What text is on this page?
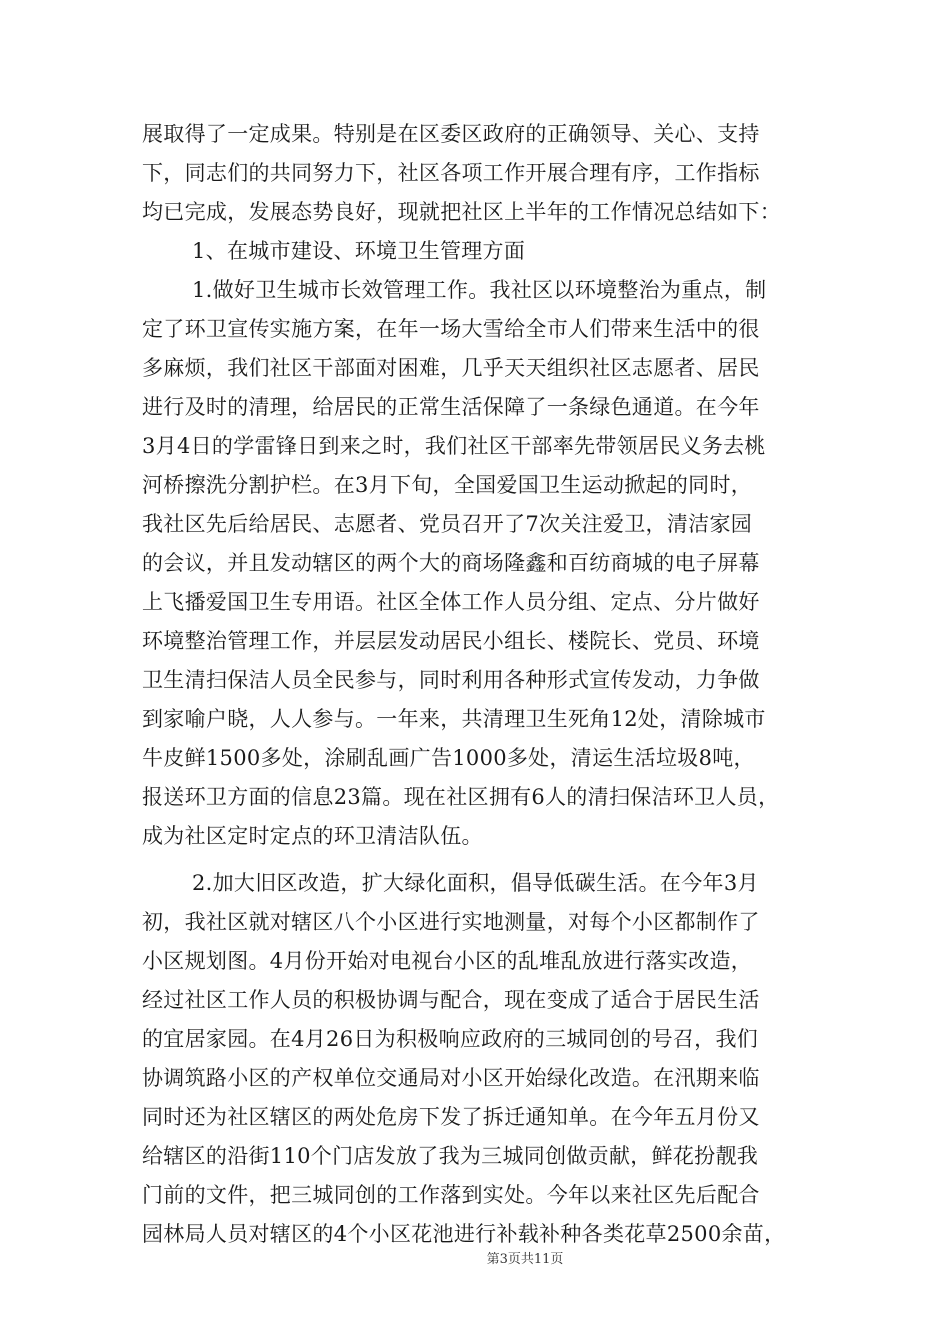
展取得了一定成果。特别是在区委区政府的正确领导、关心、支持
下，同志们的共同努力下，社区各项工作开展合理有序，工作指标
均已完成，发展态势良好，现就把社区上半年的工作情况总结如下：
1、在城市建设、环境卫生管理方面
1.做好卫生城市长效管理工作。我社区以环境整治为重点，制
定了环卫宣传实施方案，在年一场大雪给全市人们带来生活中的很
多麻烦，我们社区干部面对困难，几乎天天组织社区志愿者、居民
进行及时的清理，给居民的正常生活保障了一条绿色通道。在今年
3月4日的学雷锋日到来之时，我们社区干部率先带领居民义务去桃
河桥擦洗分割护栏。在3月下旬，全国爱国卫生运动掀起的同时，
我社区先后给居民、志愿者、党员召开了7次关注爱卫，清洁家园
的会议，并且发动辖区的两个大的商场隆鑫和百纺商城的电子屏幕
上飞播爱国卫生专用语。社区全体工作人员分组、定点、分片做好
环境整治管理工作，并层层发动居民小组长、楼院长、党员、环境
卫生清扫保洁人员全民参与，同时利用各种形式宣传发动，力争做
到家喻户晓，人人参与。一年来，共清理卫生死角12处，清除城市
牛皮鲜1500多处，涂刷乱画广告1000多处，清运生活垃圾8吨，
报送环卫方面的信息23篇。现在社区拥有6人的清扫保洁环卫人员，
成为社区定时定点的环卫清洁队伍。
2.加大旧区改造，扩大绿化面积，倡导低碳生活。在今年3月
初，我社区就对辖区八个小区进行实地测量，对每个小区都制作了
小区规划图。4月份开始对电视台小区的乱堆乱放进行落实改造，
经过社区工作人员的积极协调与配合，现在变成了适合于居民生活
的宜居家园。在4月26日为积极响应政府的三城同创的号召，我们
协调筑路小区的产权单位交通局对小区开始绿化改造。在汛期来临
同时还为社区辖区的两处危房下发了拆迁通知单。在今年五月份又
给辖区的沿街110个门店发放了我为三城同创做贡献，鲜花扮靓我
门前的文件，把三城同创的工作落到实处。今年以来社区先后配合
园林局人员对辖区的4个小区花池进行补载补种各类花草2500余苗，
第3页共11页
